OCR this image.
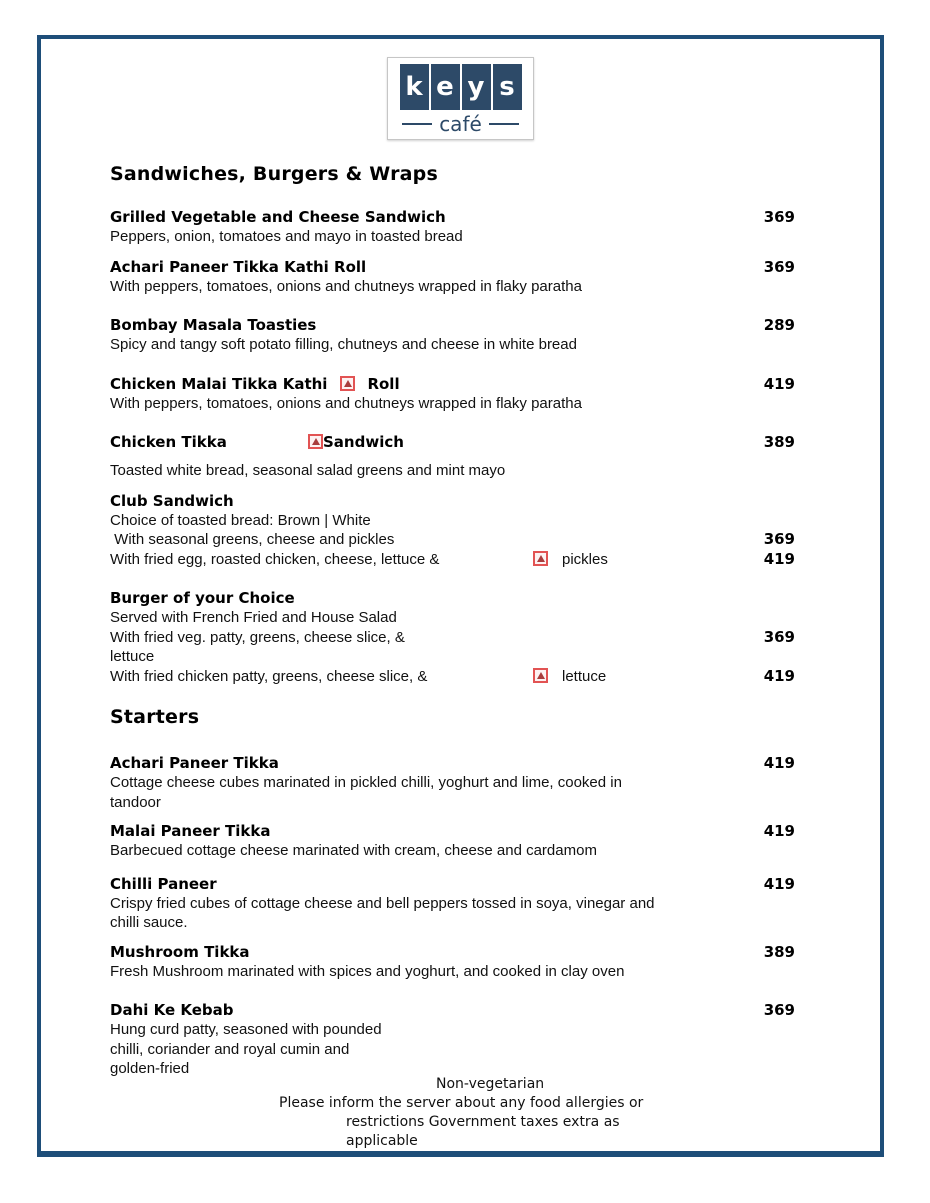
k e y s
café
Sandwiches, Burgers & Wraps
Grilled Vegetable and Cheese Sandwich	369
Peppers, onion, tomatoes and mayo in toasted bread
Achari Paneer Tikka Kathi Roll	369
With peppers, tomatoes, onions and chutneys wrapped in flaky paratha
Bombay Masala Toasties	289
Spicy and tangy soft potato filling, chutneys and cheese in white bread
Chicken Malai Tikka Kathi	Roll	419
With peppers, tomatoes, onions and chutneys wrapped in flaky paratha
Chicken Tikka	Sandwich	389
Toasted white bread, seasonal salad greens and mint mayo
Club Sandwich
Choice of toasted bread: Brown | White
With seasonal greens, cheese and pickles	369
With fried egg, roasted chicken, cheese, lettuce &	pickles	419
Burger of your Choice
Served with French Fried and House Salad
With fried veg. patty, greens, cheese slice, &	369
lettuce
With fried chicken patty, greens, cheese slice, &	lettuce	419
Starters
Achari Paneer Tikka	419
Cottage cheese cubes marinated in pickled chilli, yoghurt and lime, cooked in
tandoor
Malai Paneer Tikka	419
Barbecued cottage cheese marinated with cream, cheese and cardamom
Chilli Paneer	419
Crispy fried cubes of cottage cheese and bell peppers tossed in soya, vinegar and
chilli sauce.
Mushroom Tikka	389
Fresh Mushroom marinated with spices and yoghurt, and cooked in clay oven
Dahi Ke Kebab	369
Hung curd patty, seasoned with pounded
chilli, coriander and royal cumin and
golden-fried
Non-vegetarian
Please inform the server about any food allergies or
restrictions Government taxes extra as
applicable
